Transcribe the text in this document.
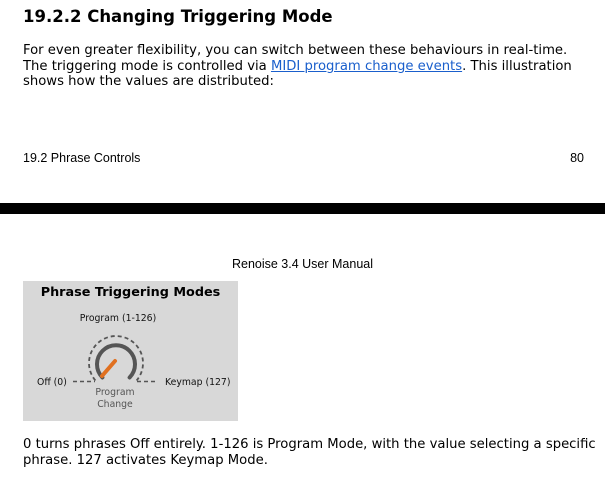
19.2.2 Changing Triggering Mode

For even greater flexibility, you can switch between these behaviours in real-time. The triggering mode is controlled via MIDI program change events. This illustration shows how the values are distributed:

19.2 Phrase Controls	80
Renoise 3.4 User Manual
Phrase Triggering Modes
Program (1-126)
Off (0)	Keymap (127)
Program Change

0 turns phrases Off entirely. 1-126 is Program Mode, with the value selecting a specific phrase. 127 activates Keymap Mode.
